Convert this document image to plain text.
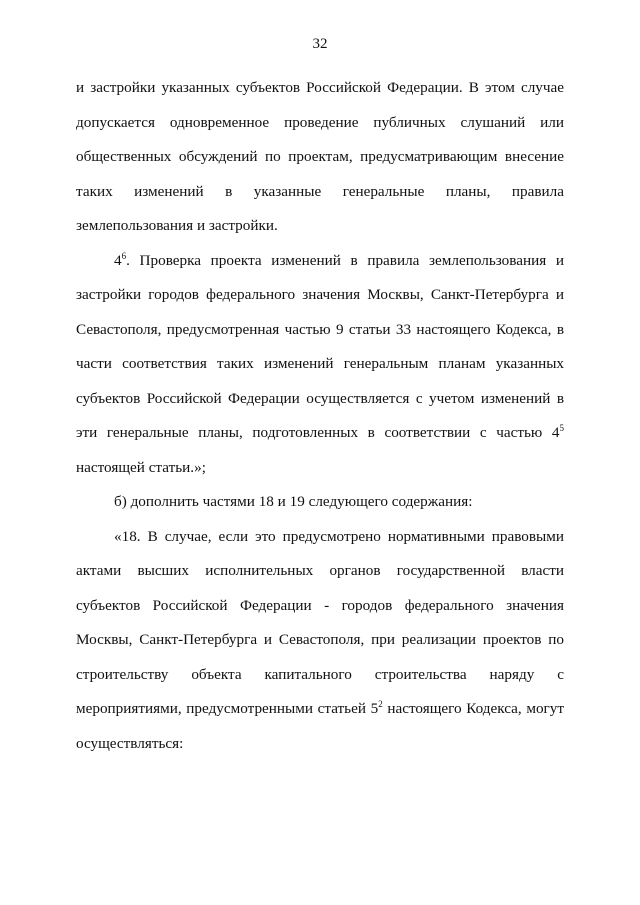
32

и застройки указанных субъектов Российской Федерации. В этом случае допускается одновременное проведение публичных слушаний или общественных обсуждений по проектам, предусматривающим внесение таких изменений в указанные генеральные планы, правила землепользования и застройки.

$4^6$. Проверка проекта изменений в правила землепользования и застройки городов федерального значения Москвы, Санкт-Петербурга и Севастополя, предусмотренная частью 9 статьи 33 настоящего Кодекса, в части соответствия таких изменений генеральным планам указанных субъектов Российской Федерации осуществляется с учетом изменений в эти генеральные планы, подготовленных в соответствии с частью $4^5$ настоящей статьи.»;

б) дополнить частями 18 и 19 следующего содержания:

«18. В случае, если это предусмотрено нормативными правовыми актами высших исполнительных органов государственной власти субъектов Российской Федерации - городов федерального значения Москвы, Санкт-Петербурга и Севастополя, при реализации проектов по строительству объекта капитального строительства наряду с мероприятиями, предусмотренными статьей $5^2$ настоящего Кодекса, могут осуществляться:
